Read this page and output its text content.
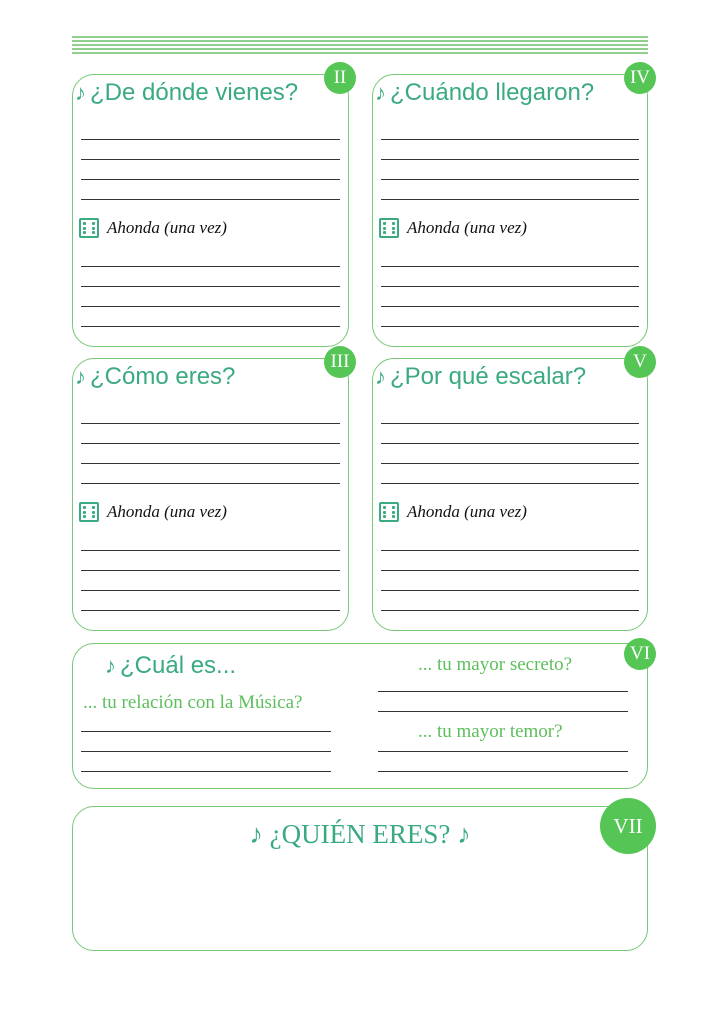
♪ ¿De dónde vienes?
Ahonda (una vez)
II
♪ ¿Cuándo llegaron?
Ahonda (una vez)
IV
♪ ¿Cómo eres?
Ahonda (una vez)
III
♪ ¿Por qué escalar?
Ahonda (una vez)
V
♪ ¿Cuál es...
... tu relación con la Música?
... tu mayor secreto?
... tu mayor temor?
VI
♪ ¿QUIÉN ERES? ♪	VII
